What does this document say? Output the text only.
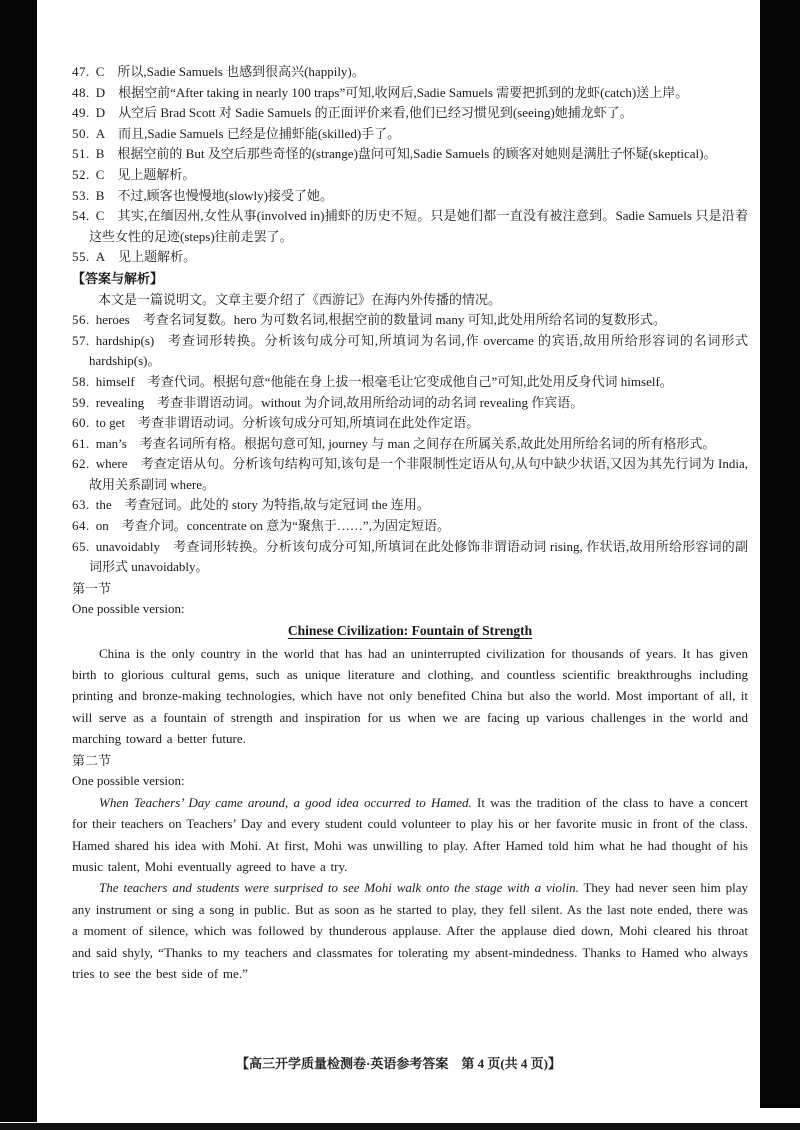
47. C 所以,Sadie Samuels 也感到很高兴(happily)。

48. D 根据空前“After taking in nearly 100 traps”可知,收网后,Sadie Samuels 需要把抓到的龙虾(catch)送上岸。

49. D 从空后 Brad Scott 对 Sadie Samuels 的正面评价来看,他们已经习惯见到(seeing)她捕龙虾了。

50. A 而且,Sadie Samuels 已经是位捕虾能(skilled)手了。

51. B 根据空前的 But 及空后那些奇怪的(strange)盘问可知,Sadie Samuels 的顾客对她则是满肚子怀疑(skeptical)。

52. C 见上题解析。

53. B 不过,顾客也慢慢地(slowly)接受了她。

54. C 其实,在缅因州,女性从事(involved in)捕虾的历史不短。只是她们都一直没有被注意到。Sadie Samuels 只是沿着这些女性的足迹(steps)往前走罢了。

55. A 见上题解析。

【答案与解析】

本文是一篇说明文。文章主要介绍了《西游记》在海内外传播的情况。

56. heroes 考查名词复数。hero 为可数名词,根据空前的数量词 many 可知,此处用所给名词的复数形式。

57. hardship(s) 考查词形转换。分析该句成分可知,所填词为名词,作 overcame 的宾语,故用所给形容词的名词形式 hardship(s)。

58. himself 考查代词。根据句意“他能在身上拔一根毫毛让它变成他自己”可知,此处用反身代词 himself。

59. revealing 考查非谓语动词。without 为介词,故用所给动词的动名词 revealing 作宾语。

60. to get 考查非谓语动词。分析该句成分可知,所填词在此处作定语。

61. man’s 考查名词所有格。根据句意可知, journey 与 man 之间存在所属关系,故此处用所给名词的所有格形式。

62. where 考查定语从句。分析该句结构可知,该句是一个非限制性定语从句,从句中缺少状语,又因为其先行词为 India,故用关系副词 where。

63. the 考查冠词。此处的 story 为特指,故与定冠词 the 连用。

64. on 考查介词。concentrate on 意为“聚焦于……”,为固定短语。

65. unavoidably 考查词形转换。分析该句成分可知,所填词在此处修饰非谓语动词 rising, 作状语,故用所给形容词的副词形式 unavoidably。

第一节

One possible version:

Chinese Civilization: Fountain of Strength

China is the only country in the world that has had an uninterrupted civilization for thousands of years. It has given birth to glorious cultural gems, such as unique literature and clothing, and countless scientific breakthroughs including printing and bronze-making technologies, which have not only benefited China but also the world. Most important of all, it will serve as a fountain of strength and inspiration for us when we are facing up various challenges in the world and marching toward a better future.

第二节

One possible version:

When Teachers’ Day came around, a good idea occurred to Hamed. It was the tradition of the class to have a concert for their teachers on Teachers’ Day and every student could volunteer to play his or her favorite music in front of the class. Hamed shared his idea with Mohi. At first, Mohi was unwilling to play. After Hamed told him what he had thought of his music talent, Mohi eventually agreed to have a try.

The teachers and students were surprised to see Mohi walk onto the stage with a violin. They had never seen him play any instrument or sing a song in public. But as soon as he started to play, they fell silent. As the last note ended, there was a moment of silence, which was followed by thunderous applause. After the applause died down, Mohi cleared his throat and said shyly, “Thanks to my teachers and classmates for tolerating my absent-mindedness. Thanks to Hamed who always tries to see the best side of me.”

【高三开学质量检测卷·英语参考答案　第 4 页(共 4 页)】
